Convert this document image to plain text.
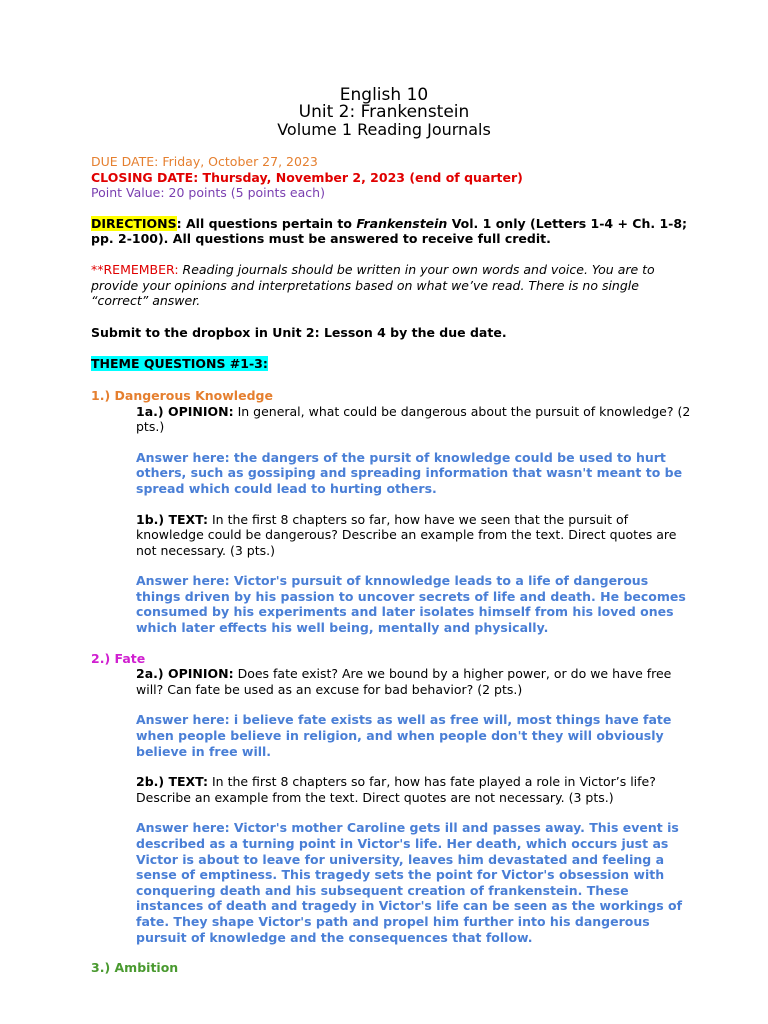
English 10
Unit 2: Frankenstein
Volume 1 Reading Journals

DUE DATE: Friday, October 27, 2023

CLOSING DATE: Thursday, November 2, 2023 (end of quarter)

Point Value: 20 points (5 points each)

DIRECTIONS: All questions pertain to Frankenstein Vol. 1 only (Letters 1-4 + Ch. 1-8; pp. 2-100). All questions must be answered to receive full credit.

**REMEMBER: Reading journals should be written in your own words and voice. You are to provide your opinions and interpretations based on what we’ve read. There is no single “correct” answer.

Submit to the dropbox in Unit 2: Lesson 4 by the due date.

THEME QUESTIONS #1-3:

1.) Dangerous Knowledge

1a.) OPINION: In general, what could be dangerous about the pursuit of knowledge? (2 pts.)

Answer here: the dangers of the pursit of knowledge could be used to hurt others, such as gossiping and spreading information that wasn't meant to be spread which could lead to hurting others.

1b.) TEXT: In the first 8 chapters so far, how have we seen that the pursuit of knowledge could be dangerous? Describe an example from the text. Direct quotes are not necessary. (3 pts.)

Answer here: Victor's pursuit of knnowledge leads to a life of dangerous things driven by his passion to uncover secrets of life and death. He becomes consumed by his experiments and later isolates himself from his loved ones which later effects his well being, mentally and physically.

2.) Fate

2a.) OPINION: Does fate exist? Are we bound by a higher power, or do we have free will? Can fate be used as an excuse for bad behavior? (2 pts.)

Answer here: i believe fate exists as well as free will, most things have fate when people believe in religion, and when people don't they will obviously believe in free will.

2b.) TEXT: In the first 8 chapters so far, how has fate played a role in Victor’s life? Describe an example from the text. Direct quotes are not necessary. (3 pts.)

Answer here: Victor's mother Caroline gets ill and passes away. This event is described as a turning point in Victor's life. Her death, which occurs just as Victor is about to leave for university, leaves him devastated and feeling a sense of emptiness. This tragedy sets the point for Victor's obsession with conquering death and his subsequent creation of frankenstein. These instances of death and tragedy in Victor's life can be seen as the workings of fate. They shape Victor's path and propel him further into his dangerous pursuit of knowledge and the consequences that follow.

3.) Ambition
